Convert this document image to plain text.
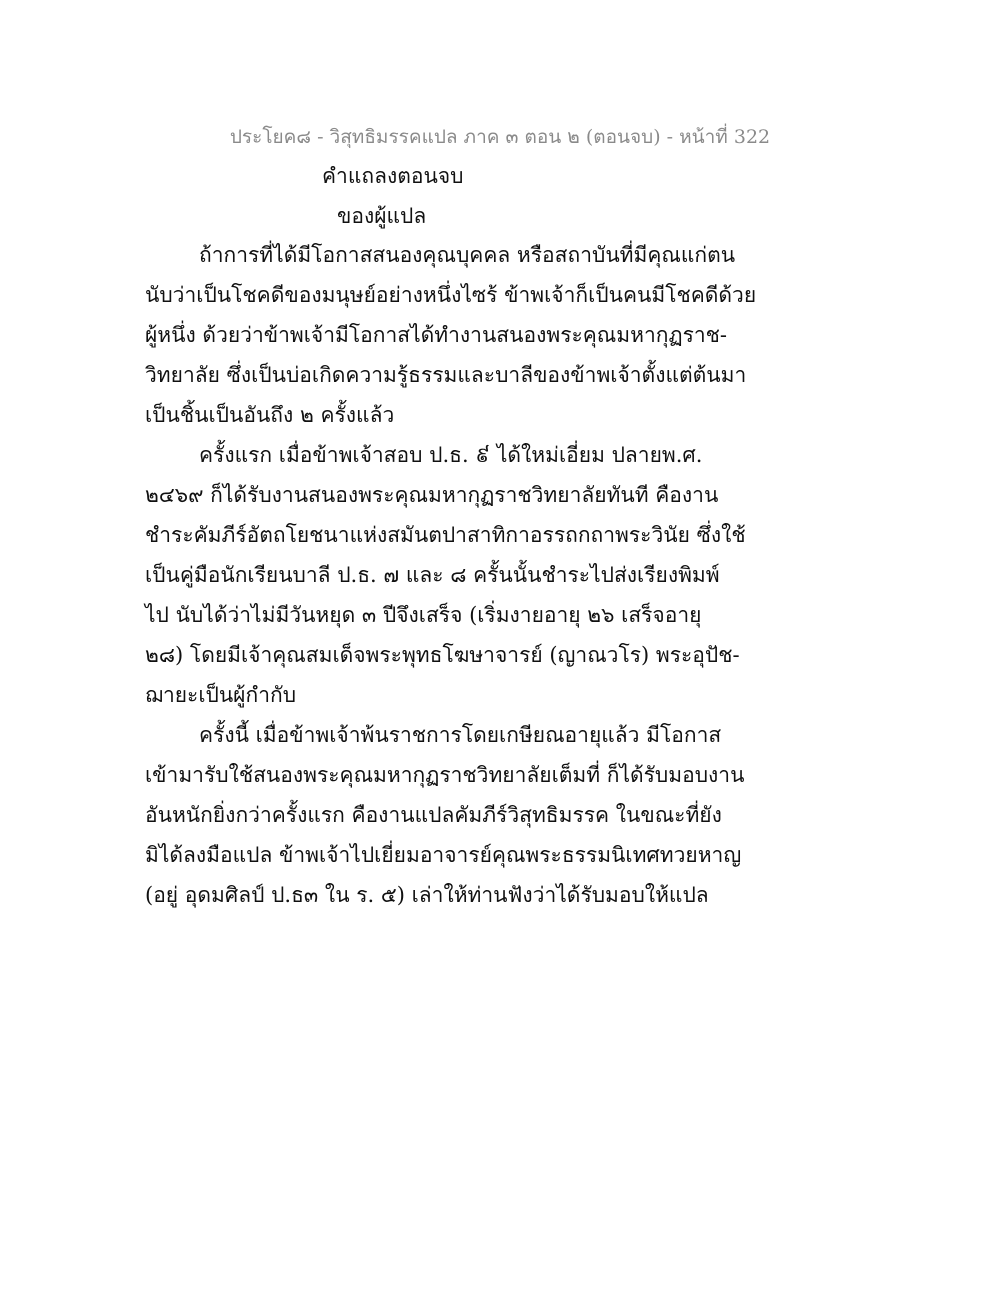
ประโยค๘ - วิสุทธิมรรคแปล ภาค ๓ ตอน ๒ (ตอนจบ) - หน้าที่ 322
คำแถลงตอนจบ
ของผู้แปล
ถ้าการที่ได้มีโอกาสสนองคุณบุคคล หรือสถาบันที่มีคุณแก่ตน
นับว่าเป็นโชคดีของมนุษย์อย่างหนึ่งไซร้ ข้าพเจ้าก็เป็นคนมีโชคดีด้วย
ผู้หนึ่ง ด้วยว่าข้าพเจ้ามีโอกาสได้ทำงานสนองพระคุณมหากุฏราช-
วิทยาลัย ซึ่งเป็นบ่อเกิดความรู้ธรรมและบาลีของข้าพเจ้าตั้งแต่ต้นมา
เป็นชิ้นเป็นอันถึง ๒ ครั้งแล้ว
ครั้งแรก เมื่อข้าพเจ้าสอบ ป.ธ. ៩ ได้ใหม่เอี่ยม ปลายพ.ศ.
๒๔๖๙ ก็ได้รับงานสนองพระคุณมหากุฏราชวิทยาลัยทันที คืองาน
ชำระคัมภีร์อัตถโยชนาแห่งสมันตปาสาทิกาอรรถกถาพระวินัย ซึ่งใช้
เป็นคู่มือนักเรียนบาลี ป.ธ. ๗ และ ๘ ครั้นนั้นชำระไปส่งเรียงพิมพ์
ไป นับได้ว่าไม่มีวันหยุด ๓ ปีจึงเสร็จ (เริ่มงายอายุ ๒๖ เสร็จอายุ
๒๘) โดยมีเจ้าคุณสมเด็จพระพุทธโฆษาจารย์ (ญาณวโร) พระอุปัช-
ฌายะเป็นผู้กำกับ
ครั้งนี้ เมื่อข้าพเจ้าพ้นราชการโดยเกษียณอายุแล้ว มีโอกาส
เข้ามารับใช้สนองพระคุณมหากุฏราชวิทยาลัยเต็มที่ ก็ได้รับมอบงาน
อันหนักยิ่งกว่าครั้งแรก คืองานแปลคัมภีร์วิสุทธิมรรค ในขณะที่ยัง
มิได้ลงมือแปล ข้าพเจ้าไปเยี่ยมอาจารย์คุณพระธรรมนิเทศทวยหาญ
(อยู่ อุดมศิลป์ ป.ธ๓ ใน ร. ๕) เล่าให้ท่านฟังว่าได้รับมอบให้แปล
